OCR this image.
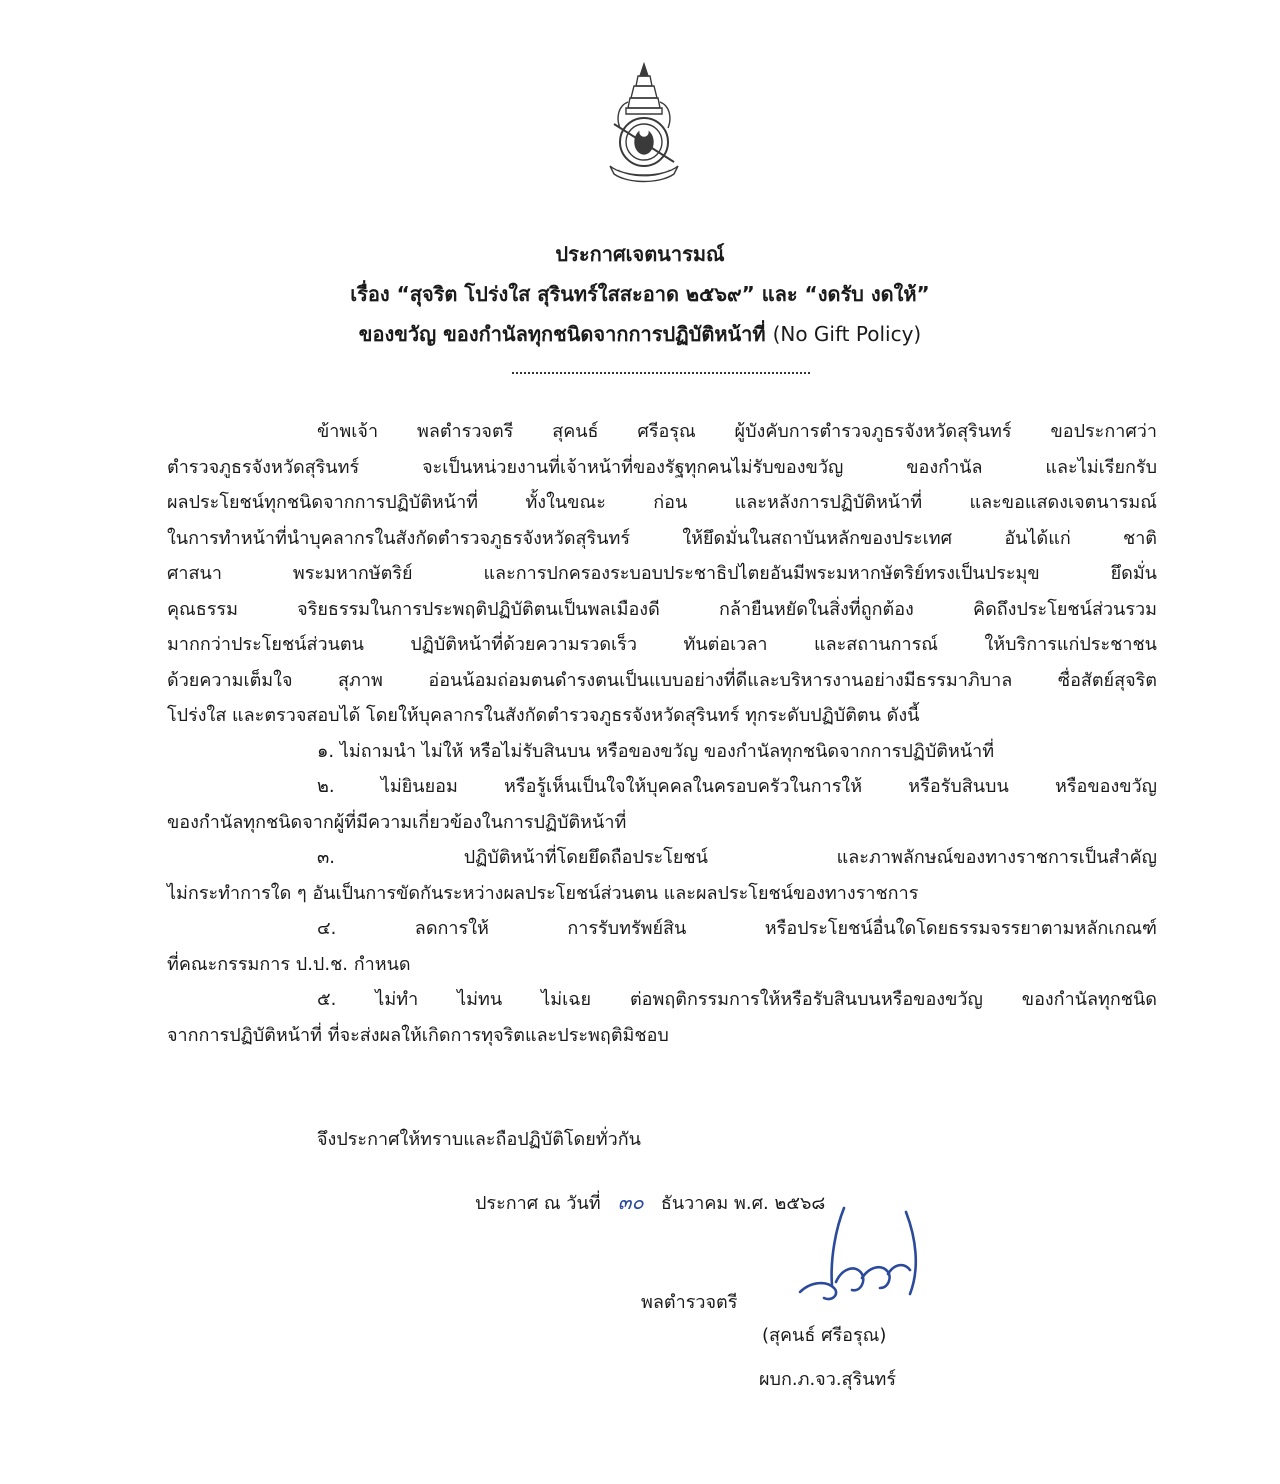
ประกาศเจตนารมณ์
เรื่อง “สุจริต โปร่งใส สุรินทร์ใสสะอาด ๒๕๖๙” และ “งดรับ งดให้”
ของขวัญ ของกำนัลทุกชนิดจากการปฏิบัติหน้าที่ (No Gift Policy)

ข้าพเจ้า พลตำรวจตรี สุคนธ์ ศรีอรุณ ผู้บังคับการตำรวจภูธรจังหวัดสุรินทร์ ขอประกาศว่า

ตำรวจภูธรจังหวัดสุรินทร์ จะเป็นหน่วยงานที่เจ้าหน้าที่ของรัฐทุกคนไม่รับของขวัญ ของกำนัล และไม่เรียกรับ

ผลประโยชน์ทุกชนิดจากการปฏิบัติหน้าที่ ทั้งในขณะ ก่อน และหลังการปฏิบัติหน้าที่ และขอแสดงเจตนารมณ์

ในการทำหน้าที่นำบุคลากรในสังกัดตำรวจภูธรจังหวัดสุรินทร์ ให้ยึดมั่นในสถาบันหลักของประเทศ อันได้แก่ ชาติ

ศาสนา พระมหากษัตริย์ และการปกครองระบอบประชาธิปไตยอันมีพระมหากษัตริย์ทรงเป็นประมุข ยึดมั่น

คุณธรรม จริยธรรมในการประพฤติปฏิบัติตนเป็นพลเมืองดี กล้ายืนหยัดในสิ่งที่ถูกต้อง คิดถึงประโยชน์ส่วนรวม

มากกว่าประโยชน์ส่วนตน ปฏิบัติหน้าที่ด้วยความรวดเร็ว ทันต่อเวลา และสถานการณ์ ให้บริการแก่ประชาชน

ด้วยความเต็มใจ สุภาพ อ่อนน้อมถ่อมตนดำรงตนเป็นแบบอย่างที่ดีและบริหารงานอย่างมีธรรมาภิบาล ซื่อสัตย์สุจริต

โปร่งใส และตรวจสอบได้ โดยให้บุคลากรในสังกัดตำรวจภูธรจังหวัดสุรินทร์ ทุกระดับปฏิบัติตน ดังนี้

๑. ไม่ถามนำ ไม่ให้ หรือไม่รับสินบน หรือของขวัญ ของกำนัลทุกชนิดจากการปฏิบัติหน้าที่

๒. ไม่ยินยอม หรือรู้เห็นเป็นใจให้บุคคลในครอบครัวในการให้ หรือรับสินบน หรือของขวัญ

ของกำนัลทุกชนิดจากผู้ที่มีความเกี่ยวข้องในการปฏิบัติหน้าที่

๓. ปฏิบัติหน้าที่โดยยึดถือประโยชน์ และภาพลักษณ์ของทางราชการเป็นสำคัญ

ไม่กระทำการใด ๆ อันเป็นการขัดกันระหว่างผลประโยชน์ส่วนตน และผลประโยชน์ของทางราชการ

๔. ลดการให้ การรับทรัพย์สิน หรือประโยชน์อื่นใดโดยธรรมจรรยาตามหลักเกณฑ์

ที่คณะกรรมการ ป.ป.ช. กำหนด

๕. ไม่ทำ ไม่ทน ไม่เฉย ต่อพฤติกรรมการให้หรือรับสินบนหรือของขวัญ ของกำนัลทุกชนิด

จากการปฏิบัติหน้าที่ ที่จะส่งผลให้เกิดการทุจริตและประพฤติมิชอบ

จึงประกาศให้ทราบและถือปฏิบัติโดยทั่วกัน
ประกาศ ณ วันที่ ๓๐ ธันวาคม พ.ศ. ๒๕๖๘
พลตำรวจตรี
(สุคนธ์ ศรีอรุณ)
ผบก.ภ.จว.สุรินทร์
